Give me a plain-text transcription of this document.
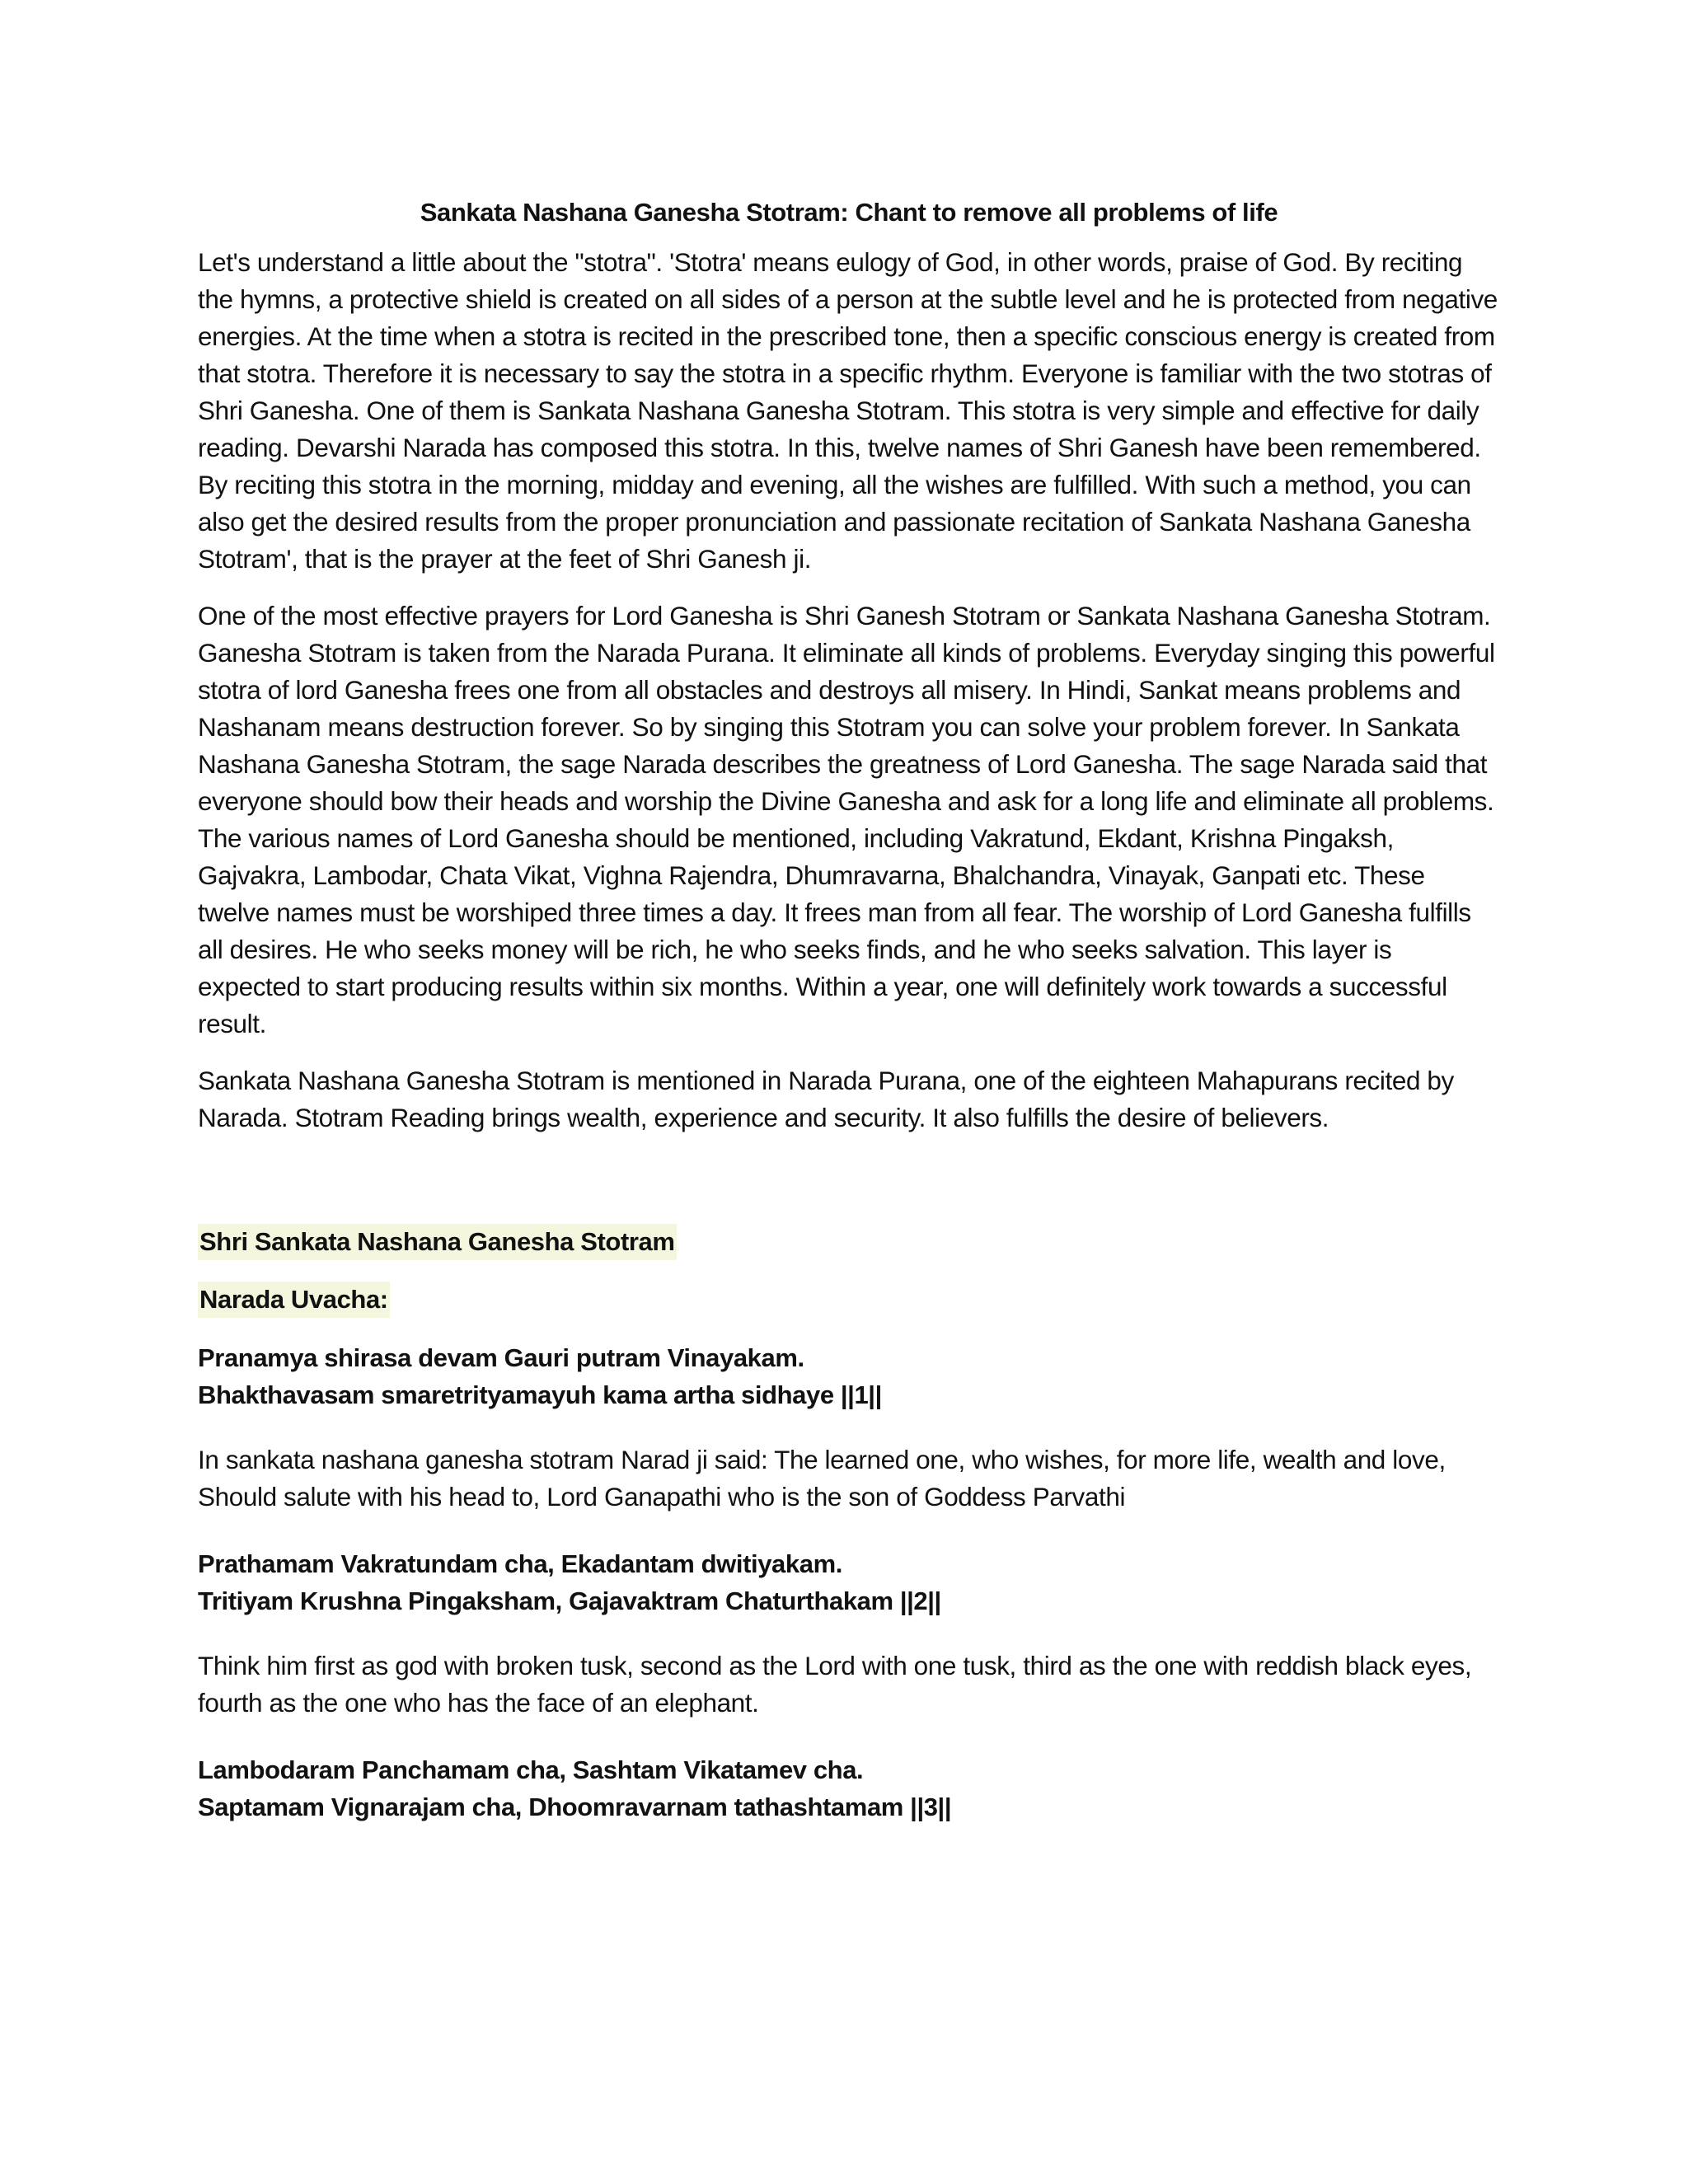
Sankata Nashana Ganesha Stotram: Chant to remove all problems of life

Let's understand a little about the "stotra". 'Stotra' means eulogy of God, in other words, praise of God. By reciting the hymns, a protective shield is created on all sides of a person at the subtle level and he is protected from negative energies. At the time when a stotra is recited in the prescribed tone, then a specific conscious energy is created from that stotra. Therefore it is necessary to say the stotra in a specific rhythm. Everyone is familiar with the two stotras of Shri Ganesha. One of them is Sankata Nashana Ganesha Stotram. This stotra is very simple and effective for daily reading. Devarshi Narada has composed this stotra. In this, twelve names of Shri Ganesh have been remembered. By reciting this stotra in the morning, midday and evening, all the wishes are fulfilled. With such a method, you can also get the desired results from the proper pronunciation and passionate recitation of Sankata Nashana Ganesha Stotram', that is the prayer at the feet of Shri Ganesh ji.

One of the most effective prayers for Lord Ganesha is Shri Ganesh Stotram or Sankata Nashana Ganesha Stotram. Ganesha Stotram is taken from the Narada Purana. It eliminate all kinds of problems. Everyday singing this powerful stotra of lord Ganesha frees one from all obstacles and destroys all misery. In Hindi, Sankat means problems and Nashanam means destruction forever. So by singing this Stotram you can solve your problem forever. In Sankata Nashana Ganesha Stotram, the sage Narada describes the greatness of Lord Ganesha. The sage Narada said that everyone should bow their heads and worship the Divine Ganesha and ask for a long life and eliminate all problems. The various names of Lord Ganesha should be mentioned, including Vakratund, Ekdant, Krishna Pingaksh, Gajvakra, Lambodar, Chata Vikat, Vighna Rajendra, Dhumravarna, Bhalchandra, Vinayak, Ganpati etc. These twelve names must be worshiped three times a day. It frees man from all fear. The worship of Lord Ganesha fulfills all desires. He who seeks money will be rich, he who seeks finds, and he who seeks salvation. This layer is expected to start producing results within six months. Within a year, one will definitely work towards a successful result.

Sankata Nashana Ganesha Stotram is mentioned in Narada Purana, one of the eighteen Mahapurans recited by Narada. Stotram Reading brings wealth, experience and security. It also fulfills the desire of believers.

Shri Sankata Nashana Ganesha Stotram
Narada Uvacha:
Pranamya shirasa devam Gauri putram Vinayakam.
Bhakthavasam smaretrityamayuh kama artha sidhaye ||1||

In sankata nashana ganesha stotram Narad ji said: The learned one, who wishes, for more life, wealth and love, Should salute with his head to, Lord Ganapathi who is the son of Goddess Parvathi

Prathamam Vakratundam cha, Ekadantam dwitiyakam.
Tritiyam Krushna Pingaksham, Gajavaktram Chaturthakam ||2||

Think him first as god with broken tusk, second as the Lord with one tusk, third as the one with reddish black eyes, fourth as the one who has the face of an elephant.

Lambodaram Panchamam cha, Sashtam Vikatamev cha.
Saptamam Vignarajam cha, Dhoomravarnam tathashtamam ||3||
